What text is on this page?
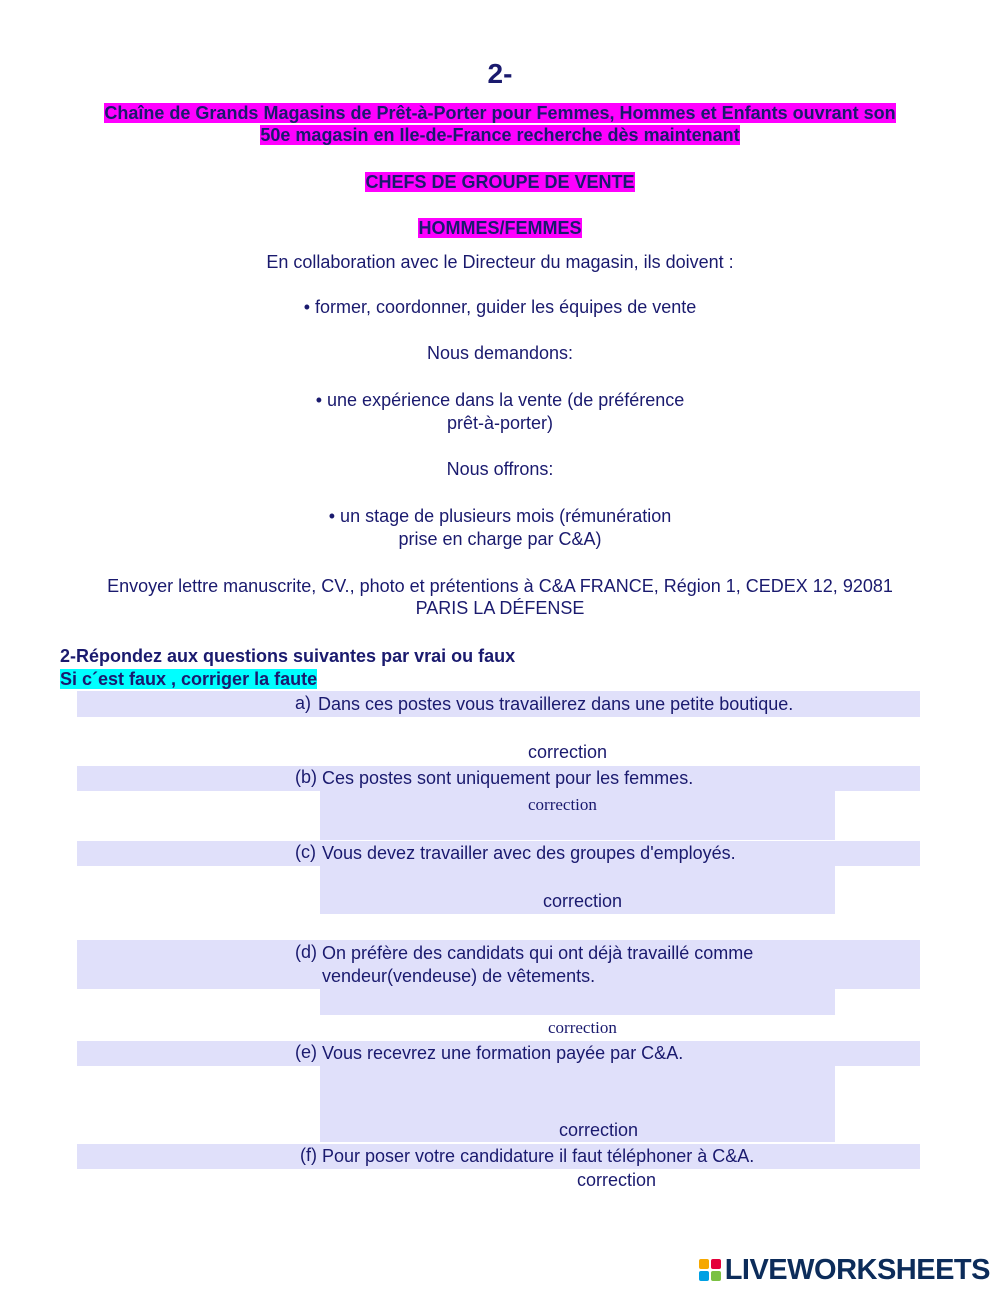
2-
Chaîne de Grands Magasins de Prêt-à-Porter pour Femmes, Hommes et Enfants ouvrant son
50e magasin en Ile-de-France recherche dès maintenant
CHEFS DE GROUPE DE VENTE
HOMMES/FEMMES
En collaboration avec le Directeur du magasin, ils doivent :
• former, coordonner, guider les équipes de vente
Nous demandons:
• une expérience dans la vente (de préférence
prêt-à-porter)
Nous offrons:
• un stage de plusieurs mois (rémunération
prise en charge par C&A)
Envoyer lettre manuscrite, CV., photo et prétentions à C&A FRANCE, Région 1, CEDEX 12, 92081
PARIS LA DÉFENSE
2-Répondez aux questions suivantes par vrai ou faux
Si c´est faux , corriger la faute
a) Dans ces postes vous travaillerez dans une petite boutique.
correction
(b) Ces postes sont uniquement pour les femmes.
correction
(c) Vous devez travailler avec des groupes d'employés.
correction
(d) On préfère des candidats qui ont déjà travaillé comme
vendeur(vendeuse) de vêtements.
correction
(e) Vous recevrez une formation payée par C&A.
correction
(f) Pour poser votre candidature il faut téléphoner à C&A.
correction
LIVEWORKSHEETS
